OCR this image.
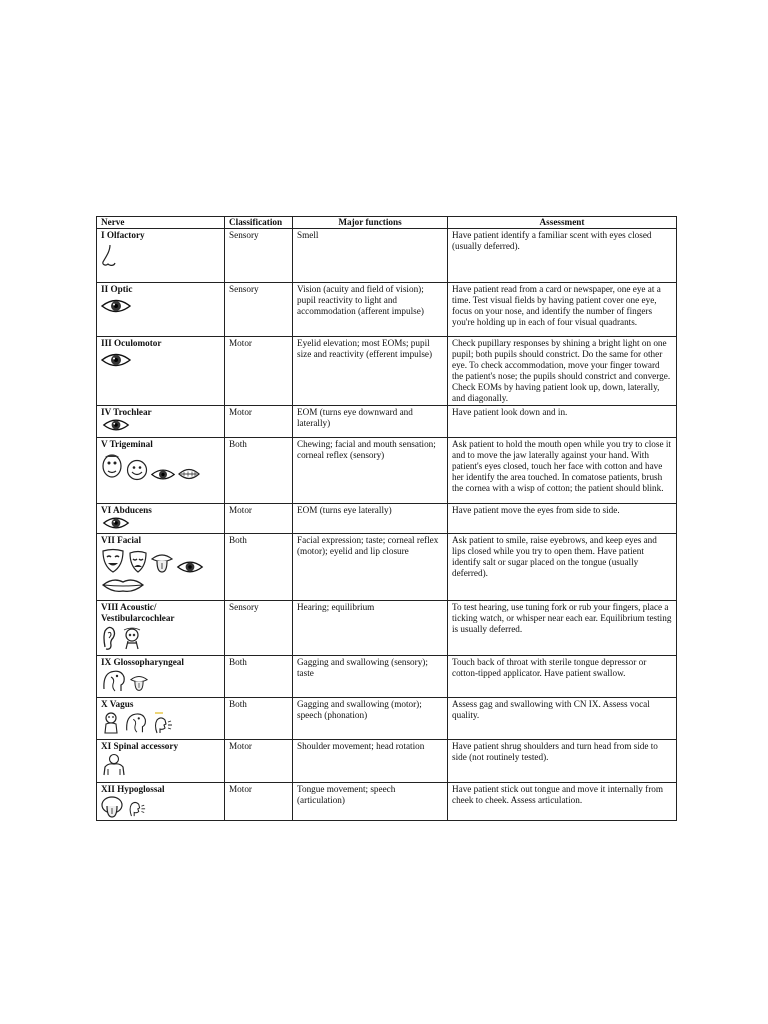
Nerve	Classification	Major functions	Assessment

I Olfactory	Sensory	Smell	Have patient identify a familiar scent with eyes closed (usually deferred).

II Optic	Sensory	Vision (acuity and field of vision); pupil reactivity to light and accommodation (afferent impulse)	Have patient read from a card or newspaper, one eye at a time. Test visual fields by having patient cover one eye, focus on your nose, and identify the number of fingers you're holding up in each of four visual quadrants.

III Oculomotor	Motor	Eyelid elevation; most EOMs; pupil size and reactivity (efferent impulse)	Check pupillary responses by shining a bright light on one pupil; both pupils should constrict. Do the same for other eye. To check accommodation, move your finger toward the patient's nose; the pupils should constrict and converge. Check EOMs by having patient look up, down, laterally, and diagonally.

IV Trochlear	Motor	EOM (turns eye downward and laterally)	Have patient look down and in.

V Trigeminal	Both	Chewing; facial and mouth sensation; corneal reflex (sensory)	Ask patient to hold the mouth open while you try to close it and to move the jaw laterally against your hand. With patient's eyes closed, touch her face with cotton and have her identify the area touched. In comatose patients, brush the cornea with a wisp of cotton; the patient should blink.

VI Abducens	Motor	EOM (turns eye laterally)	Have patient move the eyes from side to side.

VII Facial	Both	Facial expression; taste; corneal reflex (motor); eyelid and lip closure	Ask patient to smile, raise eyebrows, and keep eyes and lips closed while you try to open them. Have patient identify salt or sugar placed on the tongue (usually deferred).

VIII Acoustic/ Vestibularcochlear	Sensory	Hearing; equilibrium	To test hearing, use tuning fork or rub your fingers, place a ticking watch, or whisper near each ear. Equilibrium testing is usually deferred.

IX Glossopharyngeal	Both	Gagging and swallowing (sensory); taste	Touch back of throat with sterile tongue depressor or cotton-tipped applicator. Have patient swallow.

X Vagus	Both	Gagging and swallowing (motor); speech (phonation)	Assess gag and swallowing with CN IX. Assess vocal quality.

XI Spinal accessory	Motor	Shoulder movement; head rotation	Have patient shrug shoulders and turn head from side to side (not routinely tested).

XII Hypoglossal	Motor	Tongue movement; speech (articulation)	Have patient stick out tongue and move it internally from cheek to cheek. Assess articulation.
